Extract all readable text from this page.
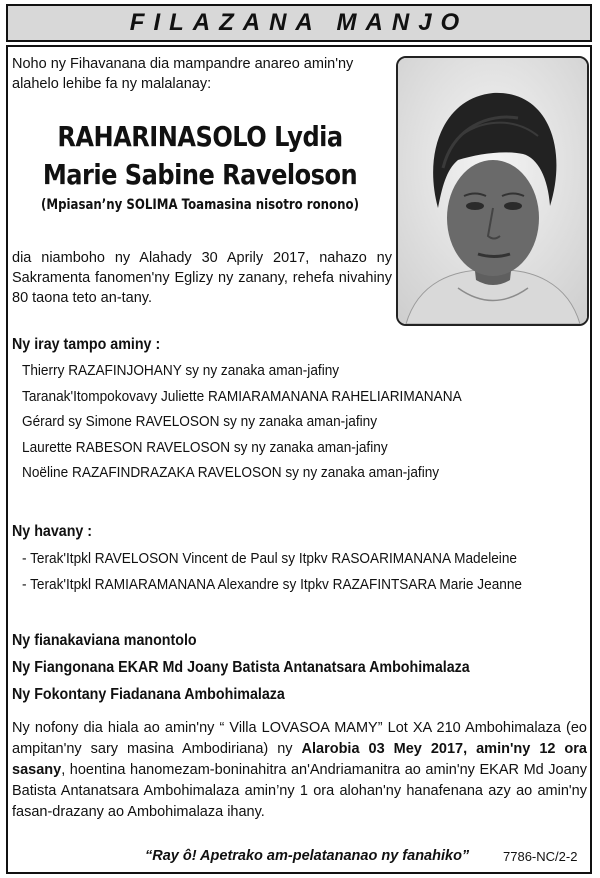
FILAZANA MANJO
Noho ny Fihavanana dia mampandre anareo amin'ny alahelo lehibe fa ny malalanay:
RAHARINASOLO Lydia
Marie Sabine Raveloson
(Mpiasan’ny SOLIMA Toamasina nisotro ronono)
dia niamboho ny Alahady 30 Aprily 2017, nahazo ny Sakramenta fanomen'ny Eglizy ny zanany, rehefa nivahiny 80 taona teto an-tany.
Ny iray tampo aminy :
Thierry RAZAFINJOHANY sy ny zanaka aman-jafiny
Taranak'Itompokovavy Juliette RAMIARAMANANA RAHELIARIMANANA
Gérard sy Simone RAVELOSON sy ny zanaka aman-jafiny
Laurette RABESON RAVELOSON sy ny zanaka aman-jafiny
Noëline RAZAFINDRAZAKA RAVELOSON sy ny zanaka aman-jafiny
Ny havany :
- Terak'Itpkl RAVELOSON Vincent de Paul sy Itpkv RASOARIMANANA Madeleine
- Terak'Itpkl RAMIARAMANANA Alexandre sy Itpkv RAZAFINTSARA Marie Jeanne
Ny fianakaviana manontolo
Ny Fiangonana EKAR Md Joany Batista Antanatsara Ambohimalaza
Ny Fokontany Fiadanana Ambohimalaza
Ny nofony dia hiala ao amin'ny “ Villa LOVASOA MAMY” Lot XA 210 Ambohimalaza (eo ampitan'ny sary masina Ambodiriana) ny Alarobia 03 Mey 2017, amin'ny 12 ora sasany, hoentina hanomezam-boninahitra an'Andriamanitra ao amin'ny EKAR Md Joany Batista Antanatsara Ambohimalaza amin’ny 1 ora alohan'ny hanafenana azy ao amin'ny fasan-drazany ao Ambohimalaza ihany.
“Ray ô! Apetrako am-pelatananao ny fanahiko”	7786-NC/2-2
